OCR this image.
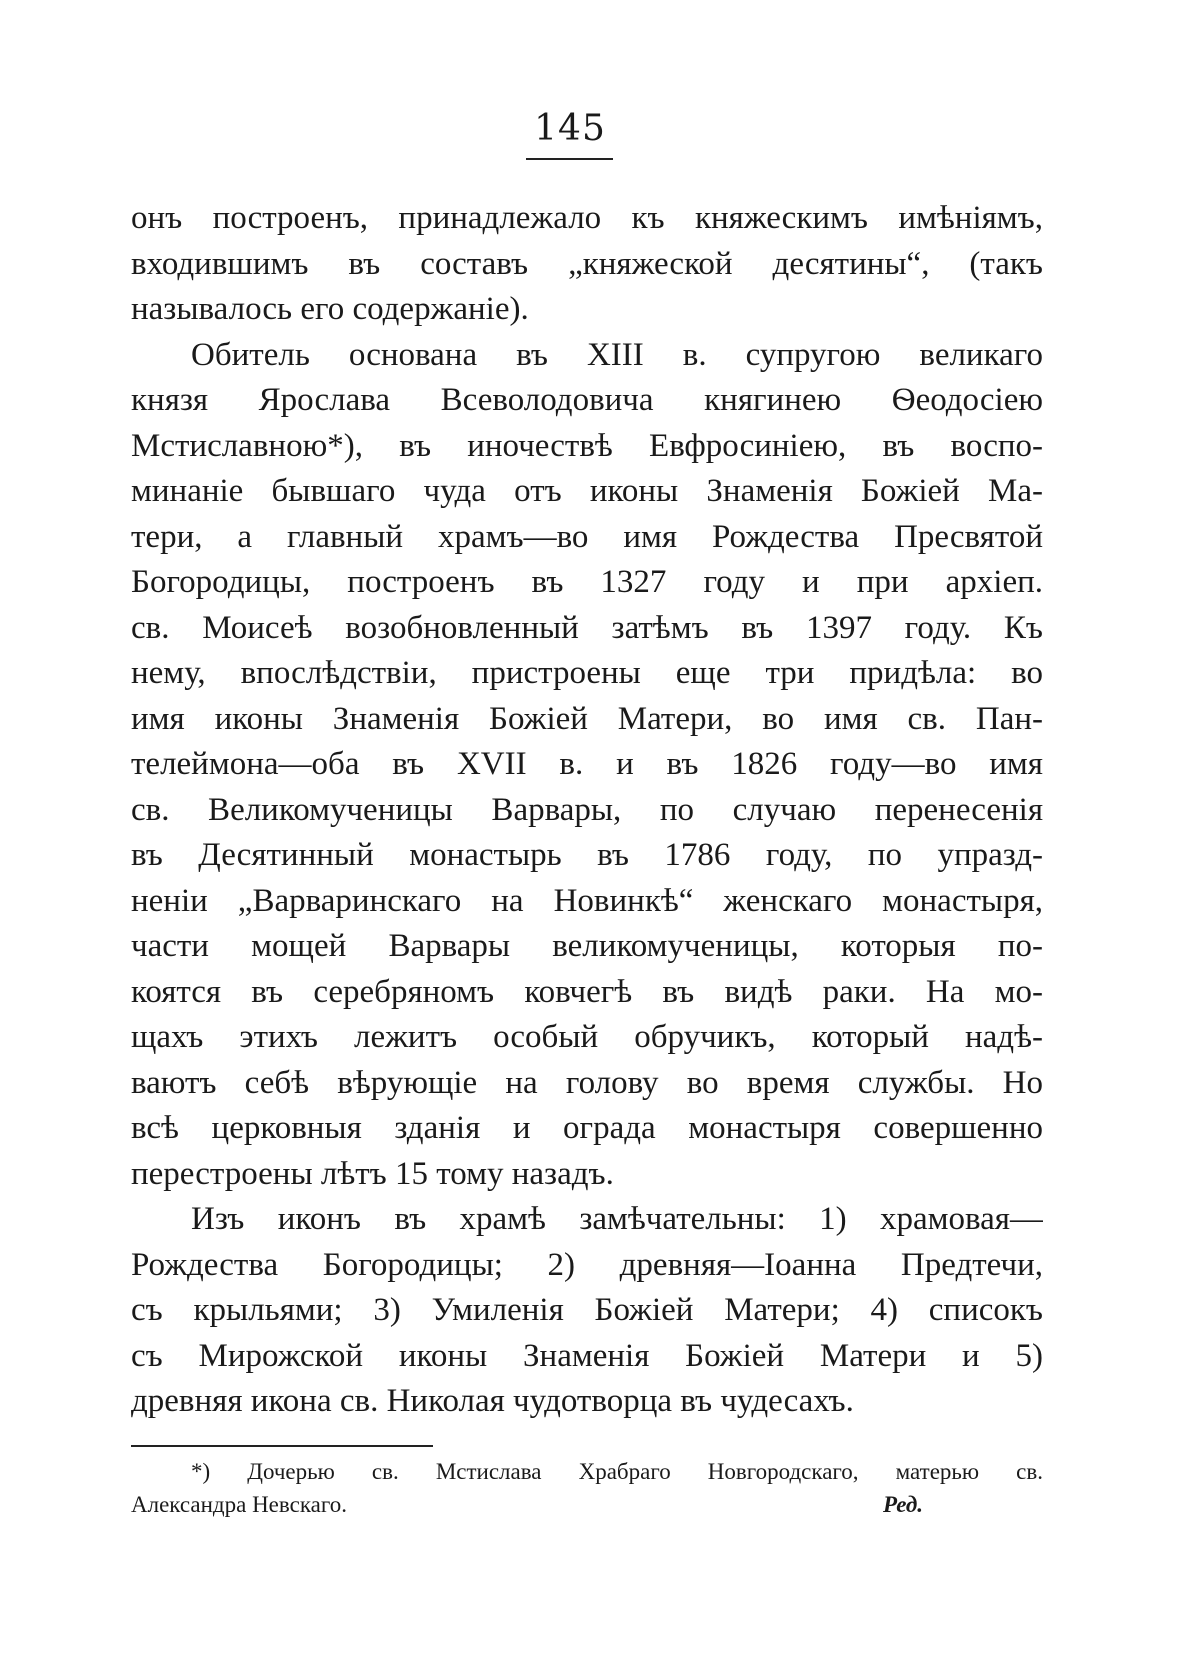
145
онъ построенъ, принадлежало къ княжескимъ имѣніямъ,
входившимъ въ составъ „княжеской десятины“, (такъ
называлось его содержаніе).
Обитель основана въ XIII в. супругою великаго
князя Ярослава Всеволодовича княгинею Ѳеодосіею
Мстиславною*), въ иночествѣ Евфросиніею, въ воспо-
минаніе бывшаго чуда отъ иконы Знаменія Божіей Ма-
тери, а главный храмъ—во имя Рождества Пресвятой
Богородицы, построенъ въ 1327 году и при архіеп.
св. Моисеѣ возобновленный затѣмъ въ 1397 году. Къ
нему, впослѣдствіи, пристроены еще три придѣла: во
имя иконы Знаменія Божіей Матери, во имя св. Пан-
телеймона—оба въ XVII в. и въ 1826 году—во имя
св. Великомученицы Варвары, по случаю перенесенія
въ Десятинный монастырь въ 1786 году, по упразд-
неніи „Варваринскаго на Новинкѣ“ женскаго монастыря,
части мощей Варвары великомученицы, которыя по-
коятся въ серебряномъ ковчегѣ въ видѣ раки. На мо-
щахъ этихъ лежитъ особый обручикъ, который надѣ-
ваютъ себѣ вѣрующіе на голову во время службы. Но
всѣ церковныя зданія и ограда монастыря совершенно
перестроены лѣтъ 15 тому назадъ.
Изъ иконъ въ храмѣ замѣчательны: 1) храмовая—
Рождества Богородицы; 2) древняя—Іоанна Предтечи,
съ крыльями; 3) Умиленія Божіей Матери; 4) списокъ
съ Мирожской иконы Знаменія Божіей Матери и 5)
древняя икона св. Николая чудотворца въ чудесахъ.
*) Дочерью св. Мстислава Храбраго Новгородскаго, матерью св.
Александра Невскаго.	Ред.
